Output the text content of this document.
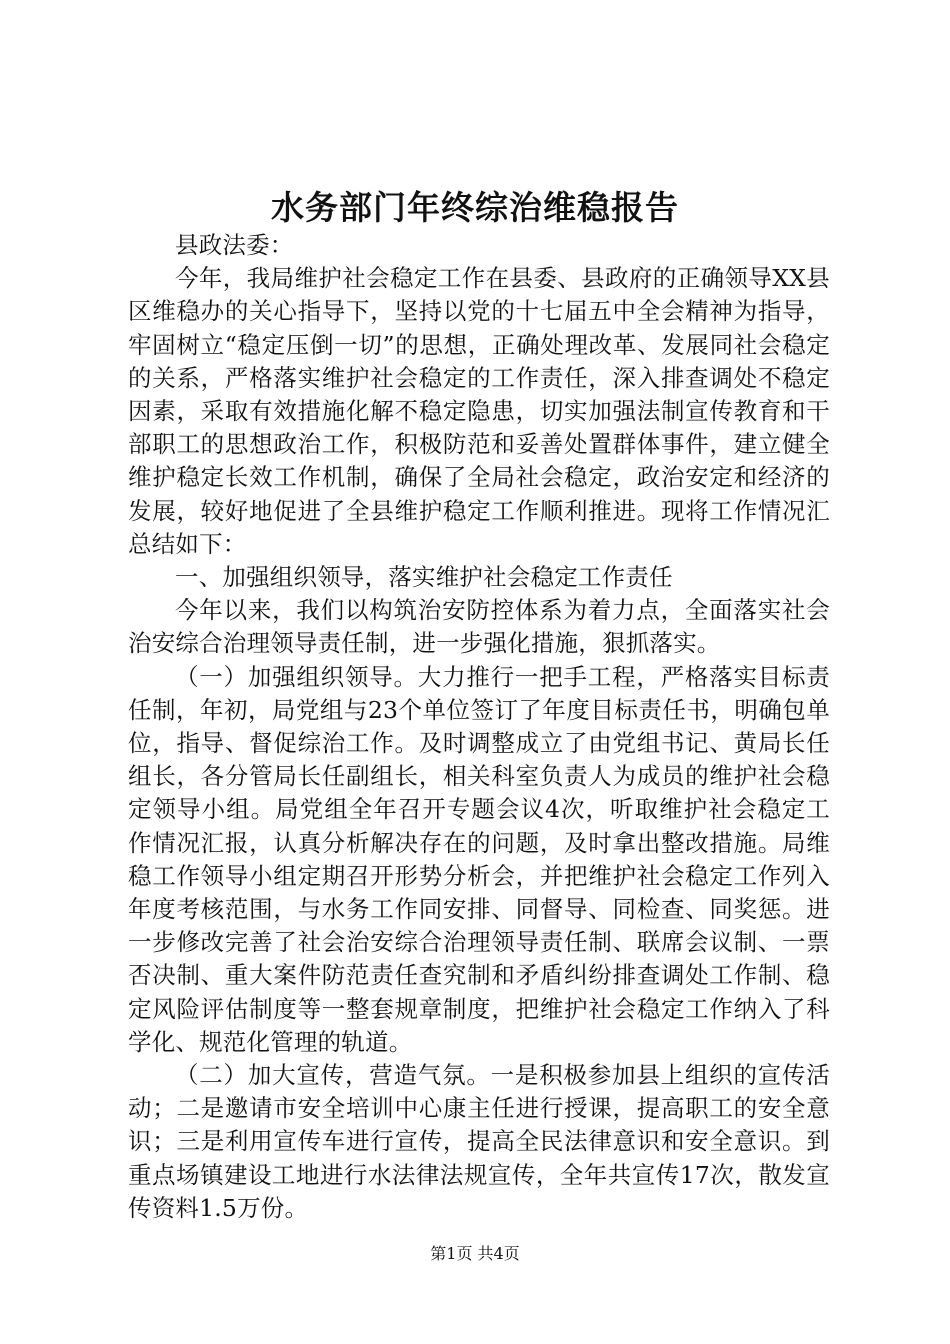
水务部门年终综治维稳报告

县政法委：

今年，我局维护社会稳定工作在县委、县政府的正确领导XX县区维稳办的关心指导下，坚持以党的十七届五中全会精神为指导，牢固树立“稳定压倒一切”的思想，正确处理改革、发展同社会稳定的关系，严格落实维护社会稳定的工作责任，深入排查调处不稳定因素，采取有效措施化解不稳定隐患，切实加强法制宣传教育和干部职工的思想政治工作，积极防范和妥善处置群体事件，建立健全维护稳定长效工作机制，确保了全局社会稳定，政治安定和经济的发展，较好地促进了全县维护稳定工作顺利推进。现将工作情况汇总结如下：

一、加强组织领导，落实维护社会稳定工作责任

今年以来，我们以构筑治安防控体系为着力点，全面落实社会治安综合治理领导责任制，进一步强化措施，狠抓落实。

（一）加强组织领导。大力推行一把手工程，严格落实目标责任制，年初，局党组与23个单位签订了年度目标责任书，明确包单位，指导、督促综治工作。及时调整成立了由党组书记、黄局长任组长，各分管局长任副组长，相关科室负责人为成员的维护社会稳定领导小组。局党组全年召开专题会议4次，听取维护社会稳定工作情况汇报，认真分析解决存在的问题，及时拿出整改措施。局维稳工作领导小组定期召开形势分析会，并把维护社会稳定工作列入年度考核范围，与水务工作同安排、同督导、同检查、同奖惩。进一步修改完善了社会治安综合治理领导责任制、联席会议制、一票否决制、重大案件防范责任查究制和矛盾纠纷排查调处工作制、稳定风险评估制度等一整套规章制度，把维护社会稳定工作纳入了科学化、规范化管理的轨道。

（二）加大宣传，营造气氛。一是积极参加县上组织的宣传活动；二是邀请市安全培训中心康主任进行授课，提高职工的安全意识；三是利用宣传车进行宣传，提高全民法律意识和安全意识。到重点场镇建设工地进行水法律法规宣传，全年共宣传17次，散发宣传资料1.5万份。

第1页 共4页
